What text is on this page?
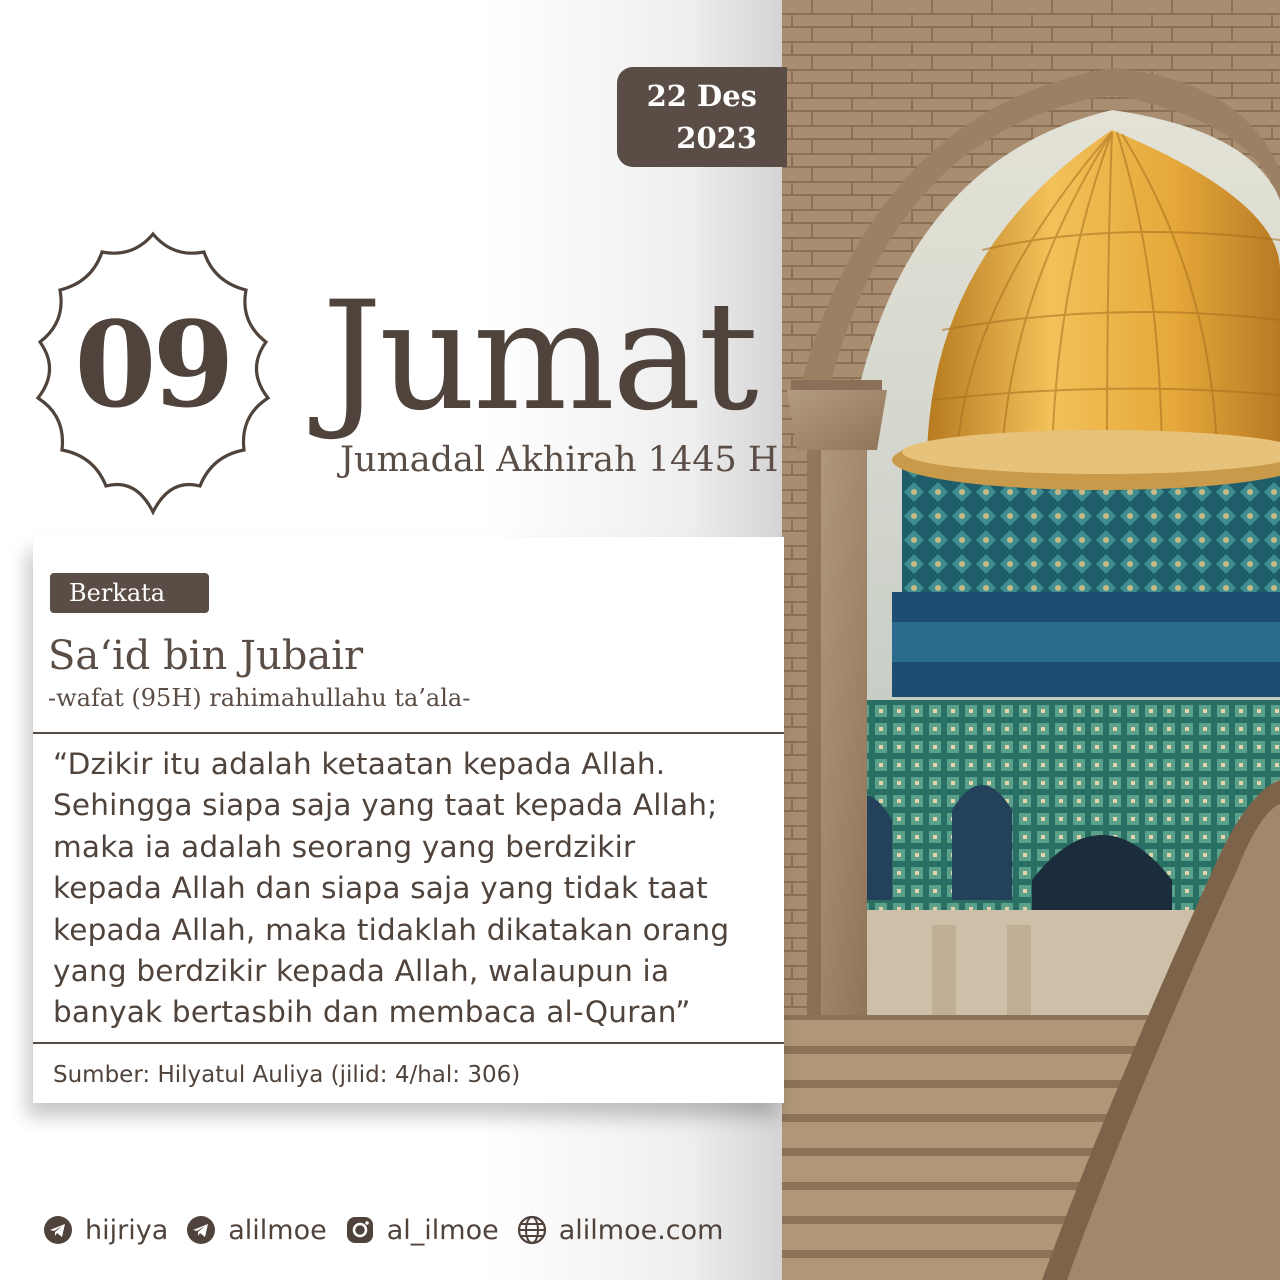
22 Des
2023
09 Jumat
Jumadal Akhirah 1445 H
Berkata
Sa‘id bin Jubair
-wafat (95H) rahimahullahu ta’ala-
“Dzikir itu adalah ketaatan kepada Allah.
Sehingga siapa saja yang taat kepada Allah;
maka ia adalah seorang yang berdzikir
kepada Allah dan siapa saja yang tidak taat
kepada Allah, maka tidaklah dikatakan orang
yang berdzikir kepada Allah, walaupun ia
banyak bertasbih dan membaca al-Quran”
Sumber: Hilyatul Auliya (jilid: 4/hal: 306)
hijriya alilmoe al_ilmoe alilmoe.com
